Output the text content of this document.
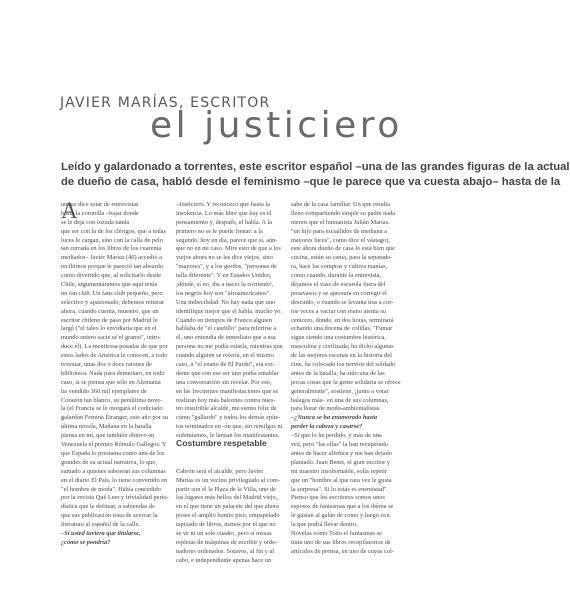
JAVIER MARÍAS, ESCRITOR
el justiciero
Leído y galardonado a torrentes, este escritor español –una de las grandes figuras de la actual
de dueño de casa, habló desde el feminismo –que le parece que va cuesta abajo– hasta de la
A
unque dice estar de entrevistas
hasta la coronilla –bajar donde
se le deja con tozuda tanda
que ser con la de los clérigos, que a todas
luces le cargan, sino con la calla de pelo
tan cerrada en los libros de los cuarenta
mediados– Javier Marías (46) accedió a
recibirnos porque le pareció tan absurdo
como divertido que, al solicitarlo desde
Chile, argumentáramos que aquí tenía
un fan club. Un fans club pequeño, pero
selectivo y apasionado, debemos reiterar
ahora, cuando cuenta, muestro, que un
escritor chileno de paso por Madrid le
largó ("el taleo lo envidiaría que en el
mundo entero sacie sé el gramo", intro-
duce él). La mentirosa posadas de que por
estos lados de América le conocen, a todo
revestar, unas dos o doce ratones de
biblioteca. Nada para demeriaro, en todo
caso, si se piensa que sólo en Alemania
ha vendido 360 mil ejemplares de
Corazón tan blanco, su penúltima nove-
la (el Francia se le otorgará el codiciado
galardón Femina Étranger, este año por su
última novela, Mañana en la batalla
piensa en mí, que también obtuvo en
Venezuela el premio Rómulo Gallegos. Y
que España lo prestama como uno de los
grandes de su actual narrativa, lo que,
sumado a quienes saborean sus columnas
en el diario El País, lo tiene convertido en
"el hombre de moda". Había concedido
por la revista Qué Leer y trivialidad perio-
dística que le definan, a sabiendas de
que sus publicación trata de acercar la
literatura al español de la calle.
–Si usted tuviera que titularse,
¿cómo se pondría?
–Justiciero. Y reconozco que hasta la
insolencia. Lo más libre que hay es el
pensamiento y, después, el habla. A la
primero no se le puede frenar: a la
segundo, hoy en día, parece que sí, aun-
que no en mi caso. Mire esto de que a los
viejos ahora no se les dice viejos, sino
"mayores", y a los gordos, "personas de
talla diferente". Y en Estados Unidos,
¡dónde, sí no, iba a nacer la corriente!,
los negros hoy son "afroamericanos".
Una imbecilidad. No hay nada que uno
identifique mejor que el habla, mucho yo.
Cuando en tiempos de Franco alguien
hablaba de "el caudillo" para referirse a
él, uno entendía de inmediato que a esa
persona no me podía estarla, mientras que
cuando alguien se refería, en el mismo
caso, a "el enano de El Pardo", era evi-
dente que con ese ser uno podía entablar
una conversación sin recelar. Por eso,
en las frecuentes manifestaciones que se
realizan hoy más balcones contra nues-
tro insufrible alcalde, me siento feliz de
cómo "gallardo" y todos los demás epíte-
tos terminados en -ón que, sin remilgos ni
eufemismos, le lanzan los manifestantes.
Cabrón será el alcalde, pero Javier
Marías es un vecino privilegiado al com-
partir con él la Plaza de la Villa, uno de
los lugares más bellos del Madrid viejo,
en el que tiene un palacete del que ahora
posee el amplio bonito piso, empapelado
tapizado de libros, menos por el que no
se ve ni un solo cuadro, pero sí mesas
repletas de máquinas de escribir y orde-
nadores ordenados. Sotavos, al fin y al
cabo, e independiente apenas hace un
sabe de la casa familiar. Un que resulta
lleno compartiendo simple su padre nada
menos que el humanista Julián Marías.
"un hijo para escuálidos de mediana a
mayores luces", como dice el vástago),
este ahora dueño de casa lo está bien que
cocina, están su cama, para la separado-
ra, hace las compras y cultiva manías,
como cuando, durante la entrevista,
dejamos el vaso de escarola fuera del
posavasos y se apresura en corregir el
descuido, o cuando se levanta tras a cor-
tos veces a vaciar con mano atenta su
cenicero, donde, en dos horas, terminará
echando una docena de colillas. "Fumar
sigue siendo una costumbre histérica,
masculina y civilizada; ha dicho algunas
de las mejores escenas en la historia del
cine, ha colocado los nervios del soldado
antes de la batalla; ha sido una de las
pocas cosas que la gente solidaria se ofrece
generalmente", sostiene, ¡junto a votar
halagos más– en una de sus columnas,
para llorar de modo-ambientalistas.
–¿Nunca se ha enamorado hasta
perder la cabeza y casarse?
–Sí que lo he perdido, y más de una
vez, pero "las ellas" la han recuperado
antes de hacer alfeñica y me han dejado
plantado. Juan Benet, el gran escritor y
mi maestro insobornable, solía repetir
que un "hombre al que rara vez le gusta
la sorpresa". Si lo estás es enemistad".
Pienso que los escritores somos unos
esposos de fantasmas que a los ibérea se
le gustan al galán de como y luego con
la que podrá llevar dentro.
Novelas como Todo el fantasmas se
trata uno de sus libros recopilatorios de
artículos de prensa, en uno de cuyas col-
Costumbre respetable
